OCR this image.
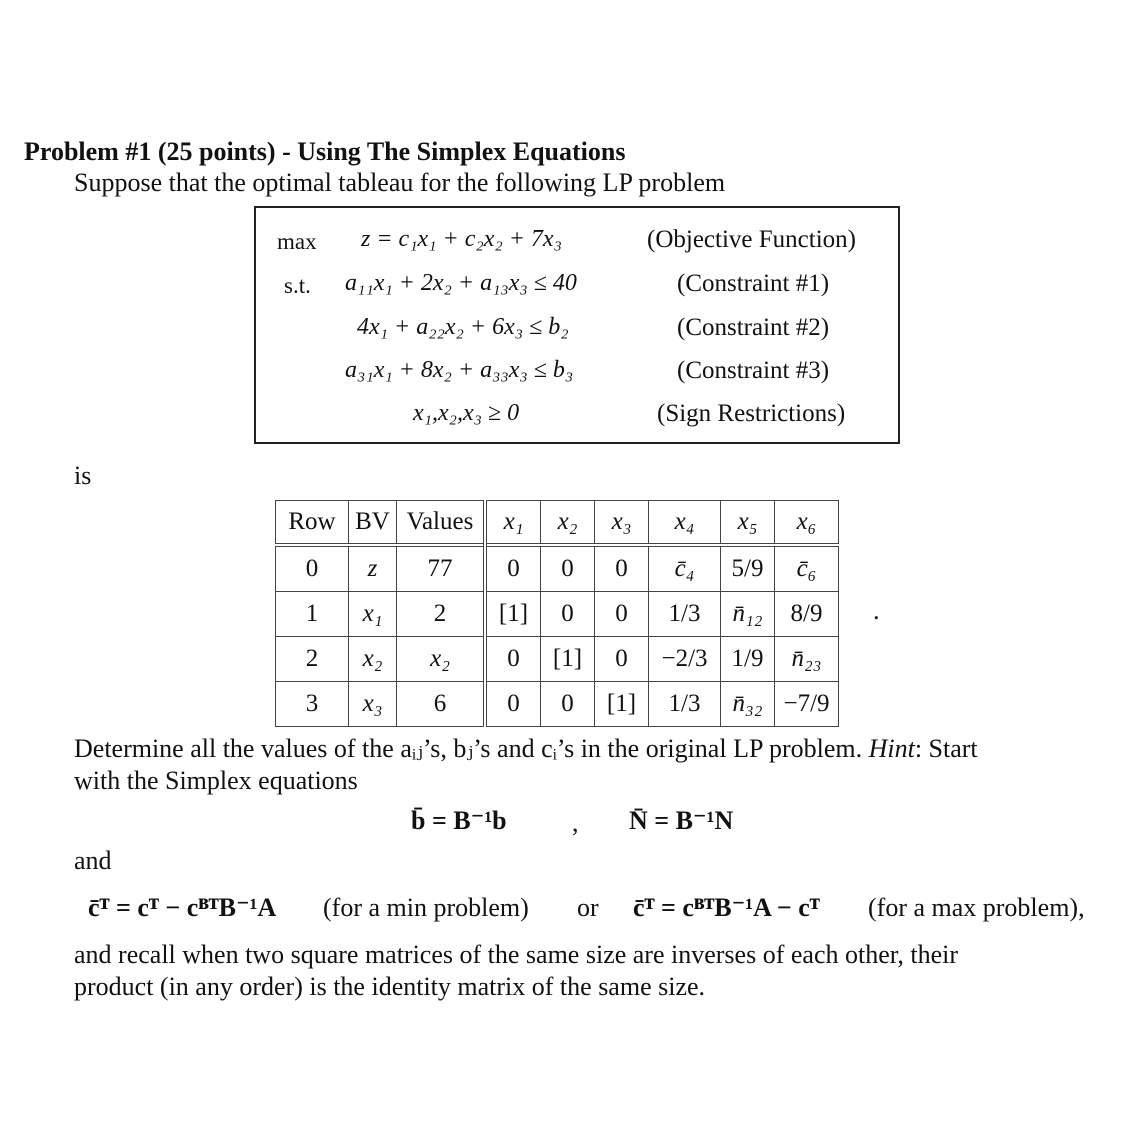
Problem #1 (25 points) - Using The Simplex Equations
Suppose that the optimal tableau for the following LP problem
max z = c₁x₁ + c₂x₂ + 7x₃	(Objective Function)
s.t. a₁₁x₁ + 2x₂ + a₁₃x₃ ≤ 40	(Constraint #1)
4x₁ + a₂₂x₂ + 6x₃ ≤ b₂	(Constraint #2)
a₃₁x₁ + 8x₂ + a₃₃x₃ ≤ b₃	(Constraint #3)
x₁,x₂,x₃ ≥ 0	(Sign Restrictions)
is
Row	BV	Values	x₁	x₂	x₃	x₄	x₅	x₆
0	z	77	0	0	0	c̄₄	5/9	c̄₆
1	x₁	2	[1]	0	0	1/3	n̄₁₂	8/9
2	x₂	x₂	0	[1]	0	−2/3	1/9	n̄₂₃
3	x₃	6	0	0	[1]	1/3	n̄₃₂	−7/9
.
Determine all the values of the aᵢⱼ’s, bⱼ’s and cᵢ’s in the original LP problem. Hint: Start
with the Simplex equations
b̄ = B⁻¹b	, N̄ = B⁻¹N
and
c̄ᵀ = cᵀ − cᴮᵀB⁻¹A (for a min problem) or c̄ᵀ = cᴮᵀB⁻¹A − cᵀ (for a max problem),
and recall when two square matrices of the same size are inverses of each other, their
product (in any order) is the identity matrix of the same size.
